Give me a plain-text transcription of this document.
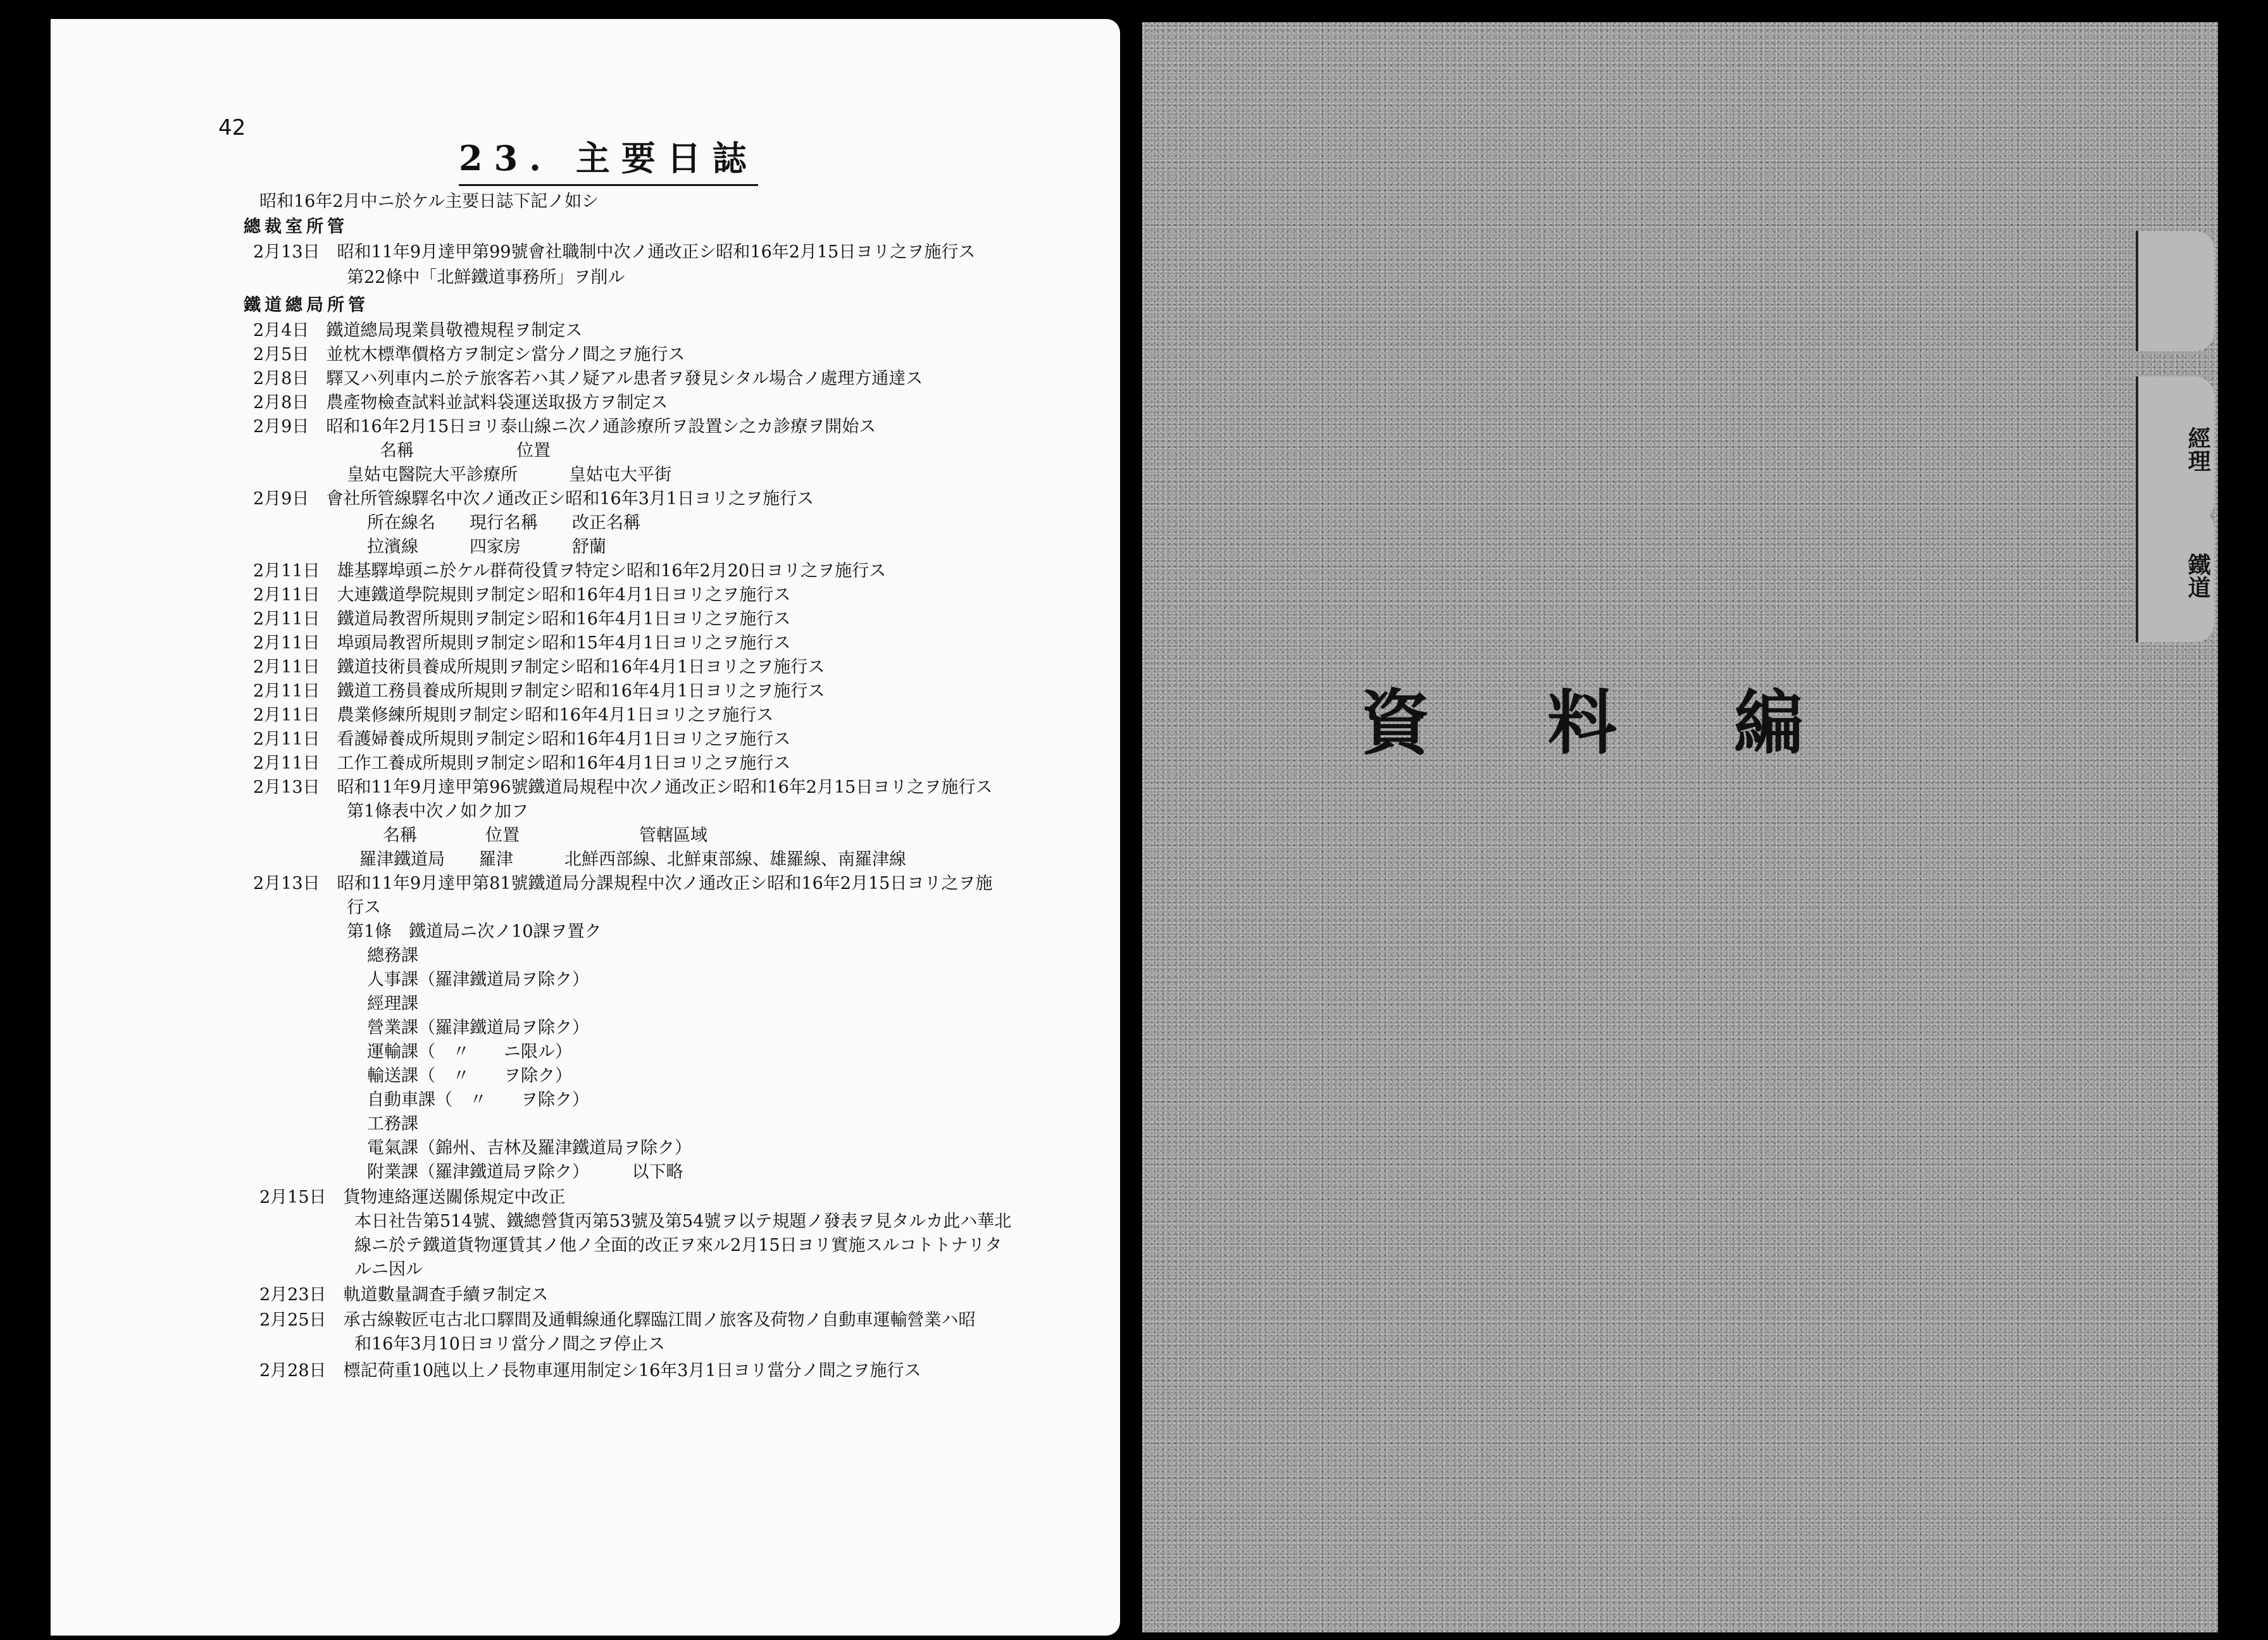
42
23. 主要日誌
昭和16年2月中ニ於ケル主要日誌下記ノ如シ
總裁室所管
2月13日　昭和11年9月達甲第99號會社職制中次ノ通改正シ昭和16年2月15日ヨリ之ヲ施行ス
第22條中「北鮮鐵道事務所」ヲ削ル
鐵道總局所管
2月4日　鐵道總局現業員敬禮規程ヲ制定ス
2月5日　並枕木標準價格方ヲ制定シ當分ノ間之ヲ施行ス
2月8日　驛又ハ列車内ニ於テ旅客若ハ其ノ疑アル患者ヲ發見シタル場合ノ處理方通達ス
2月8日　農產物檢查試料並試料袋運送取扱方ヲ制定ス
2月9日　昭和16年2月15日ヨリ泰山線ニ次ノ通診療所ヲ設置シ之カ診療ヲ開始ス
名稱　　　　　　位置
皇姑屯醫院大平診療所　　　皇姑屯大平街
2月9日　會社所管線驛名中次ノ通改正シ昭和16年3月1日ヨリ之ヲ施行ス
所在線名　　現行名稱　　改正名稱
拉濱線　　　四家房　　　舒蘭
2月11日　雄基驛埠頭ニ於ケル群荷役賃ヲ特定シ昭和16年2月20日ヨリ之ヲ施行ス
2月11日　大連鐵道學院規則ヲ制定シ昭和16年4月1日ヨリ之ヲ施行ス
2月11日　鐵道局教習所規則ヲ制定シ昭和16年4月1日ヨリ之ヲ施行ス
2月11日　埠頭局教習所規則ヲ制定シ昭和15年4月1日ヨリ之ヲ施行ス
2月11日　鐵道技術員養成所規則ヲ制定シ昭和16年4月1日ヨリ之ヲ施行ス
2月11日　鐵道工務員養成所規則ヲ制定シ昭和16年4月1日ヨリ之ヲ施行ス
2月11日　農業修練所規則ヲ制定シ昭和16年4月1日ヨリ之ヲ施行ス
2月11日　看護婦養成所規則ヲ制定シ昭和16年4月1日ヨリ之ヲ施行ス
2月11日　工作工養成所規則ヲ制定シ昭和16年4月1日ヨリ之ヲ施行ス
2月13日　昭和11年9月達甲第96號鐵道局規程中次ノ通改正シ昭和16年2月15日ヨリ之ヲ施行ス
第1條表中次ノ如ク加フ
名稱　　　　位置　　　　　　　管轄區域
羅津鐵道局　　羅津　　　北鮮西部線、北鮮東部線、雄羅線、南羅津線
2月13日　昭和11年9月達甲第81號鐵道局分課規程中次ノ通改正シ昭和16年2月15日ヨリ之ヲ施
行ス
第1條　鐵道局ニ次ノ10課ヲ置ク
總務課
人事課（羅津鐵道局ヲ除ク）
經理課
營業課（羅津鐵道局ヲ除ク）
運輸課（　〃　　ニ限ル）
輸送課（　〃　　ヲ除ク）
自動車課（　〃　　ヲ除ク）
工務課
電氣課（錦州、吉林及羅津鐵道局ヲ除ク）
附業課（羅津鐵道局ヲ除ク）　　　以下略
2月15日　貨物連絡運送關係規定中改正
本日社告第514號、鐵總營貨丙第53號及第54號ヲ以テ規題ノ發表ヲ見タルカ此ハ華北
線ニ於テ鐵道貨物運賃其ノ他ノ全面的改正ヲ來ル2月15日ヨリ實施スルコトトナリタ
ルニ因ル
2月23日　軌道數量調査手續ヲ制定ス
2月25日　承古線鞍匠屯古北口驛間及通輯線通化驛臨江間ノ旅客及荷物ノ自動車運輸營業ハ昭
和16年3月10日ヨリ當分ノ間之ヲ停止ス
2月28日　標記荷重10瓲以上ノ長物車運用制定シ16年3月1日ヨリ當分ノ間之ヲ施行ス
資料編
經理
鐵道
